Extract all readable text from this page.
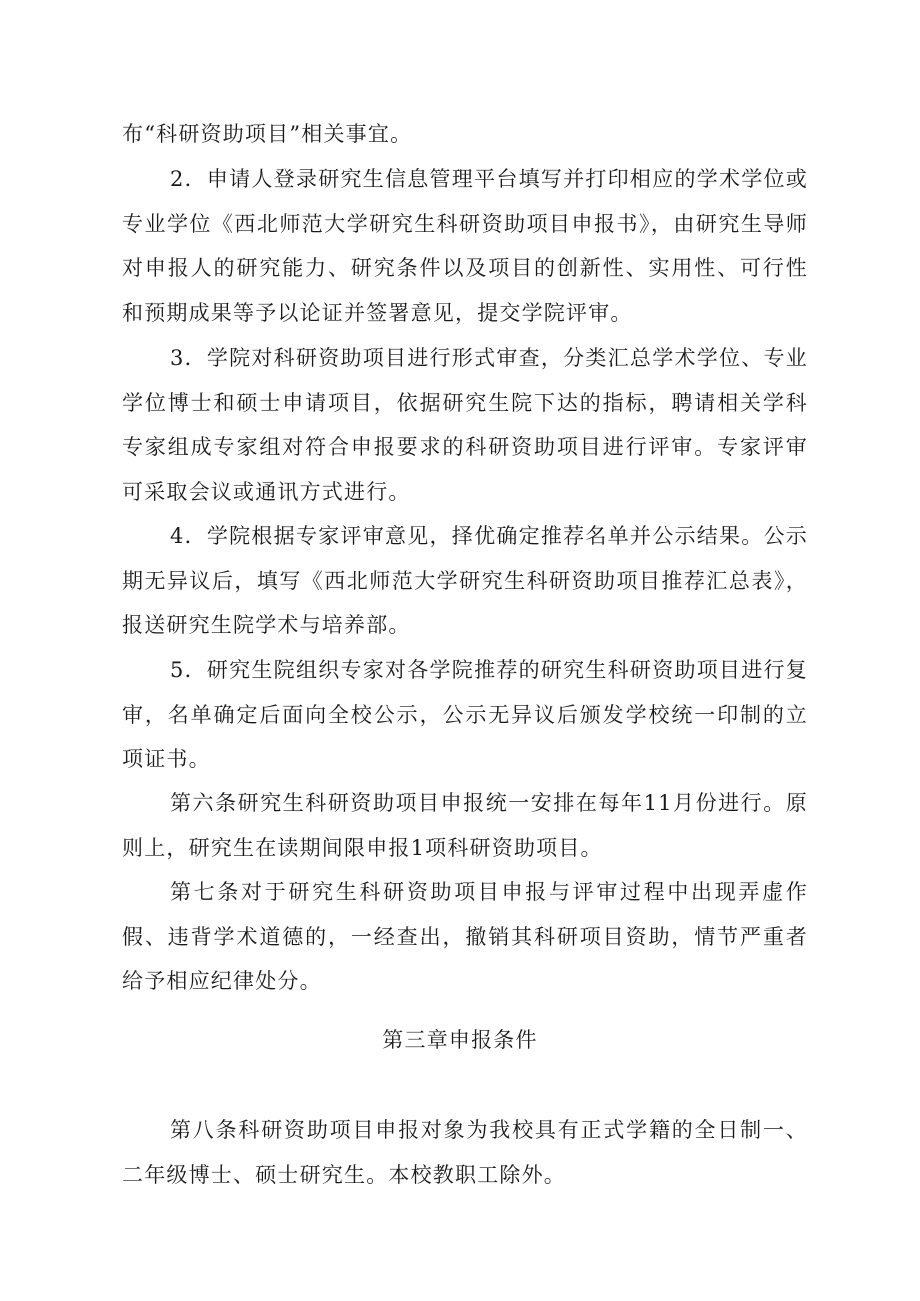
布“科研资助项目”相关事宜。

2．申请人登录研究生信息管理平台填写并打印相应的学术学位或专业学位《西北师范大学研究生科研资助项目申报书》，由研究生导师对申报人的研究能力、研究条件以及项目的创新性、实用性、可行性和预期成果等予以论证并签署意见，提交学院评审。

3．学院对科研资助项目进行形式审查，分类汇总学术学位、专业学位博士和硕士申请项目，依据研究生院下达的指标，聘请相关学科专家组成专家组对符合申报要求的科研资助项目进行评审。专家评审可采取会议或通讯方式进行。

4．学院根据专家评审意见，择优确定推荐名单并公示结果。公示期无异议后，填写《西北师范大学研究生科研资助项目推荐汇总表》，报送研究生院学术与培养部。

5．研究生院组织专家对各学院推荐的研究生科研资助项目进行复审，名单确定后面向全校公示，公示无异议后颁发学校统一印制的立项证书。

第六条研究生科研资助项目申报统一安排在每年11月份进行。原则上，研究生在读期间限申报1项科研资助项目。

第七条对于研究生科研资助项目申报与评审过程中出现弄虚作假、违背学术道德的，一经查出，撤销其科研项目资助，情节严重者给予相应纪律处分。

第三章申报条件

第八条科研资助项目申报对象为我校具有正式学籍的全日制一、二年级博士、硕士研究生。本校教职工除外。
